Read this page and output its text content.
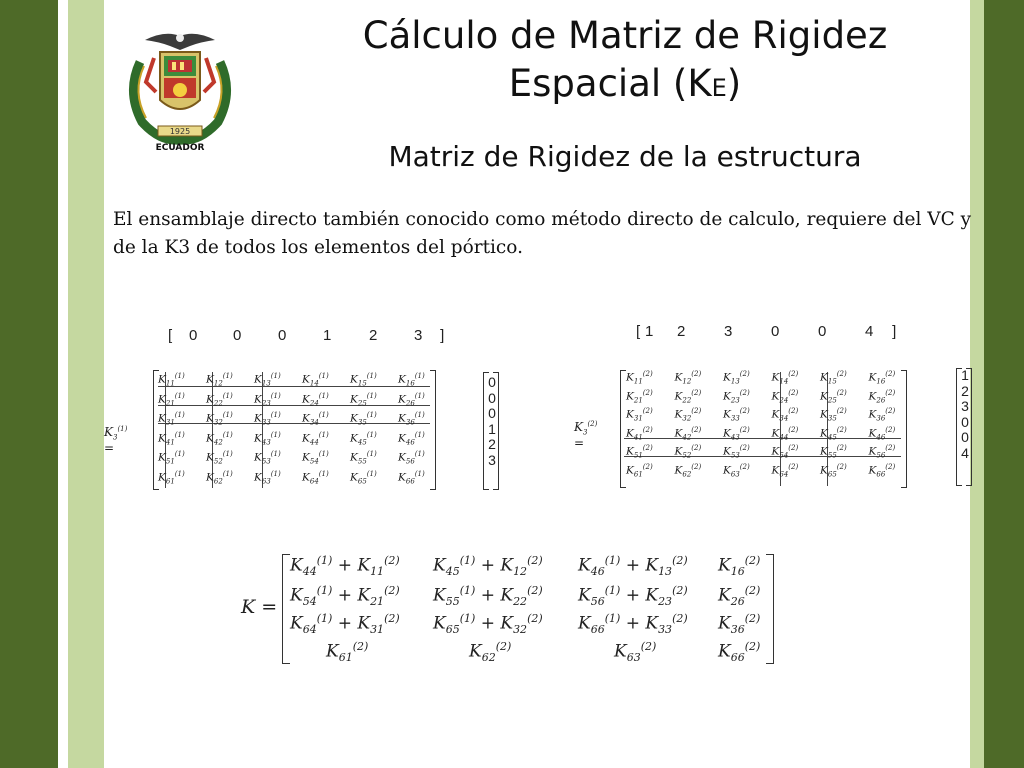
1925
ECUADOR
Cálculo de Matriz de Rigidez
Espacial (KE)
Matriz de Rigidez de la estructura
El ensamblaje directo también conocido como método directo de calculo, requiere del VC y de la K3 de todos los elementos del pórtico.
[ 0 0 0 1	2 3 ]
$K_3^{(1)}$ =
$K_{11}^{(1)}$ $K_{12}^{(1)}$ $K_{13}^{(1)}$ $K_{14}^{(1)}$ $K_{15}^{(1)}$ $K_{16}^{(1)}$
$K_{21}^{(1)}$ $K_{22}^{(1)}$ $K_{23}^{(1)}$ $K_{24}^{(1)}$ $K_{25}^{(1)}$ $K_{26}^{(1)}$
$K_{31}^{(1)}$ $K_{32}^{(1)}$ $K_{33}^{(1)}$ $K_{34}^{(1)}$ $K_{35}^{(1)}$ $K_{36}^{(1)}$
$K_{41}^{(1)}$ $K_{42}^{(1)}$ $K_{43}^{(1)}$ $K_{44}^{(1)}$ $K_{45}^{(1)}$ $K_{46}^{(1)}$
$K_{51}^{(1)}$ $K_{52}^{(1)}$ $K_{53}^{(1)}$ $K_{54}^{(1)}$ $K_{55}^{(1)}$ $K_{56}^{(1)}$
$K_{61}^{(1)}$ $K_{62}^{(1)}$ $K_{63}^{(1)}$ $K_{64}^{(1)}$ $K_{65}^{(1)}$ $K_{66}^{(1)}$
0
0
0
1
2
3
[ 1 2	3	0	0	4 ]
$K_3^{(2)}$ =
$K_{11}^{(2)}$ $K_{12}^{(2)}$ $K_{13}^{(2)}$ $K_{14}^{(2)}$ $K_{15}^{(2)}$ $K_{16}^{(2)}$
$K_{21}^{(2)}$ $K_{22}^{(2)}$ $K_{23}^{(2)}$ $K_{24}^{(2)}$ $K_{25}^{(2)}$ $K_{26}^{(2)}$
$K_{31}^{(2)}$ $K_{32}^{(2)}$ $K_{33}^{(2)}$ $K_{34}^{(2)}$ $K_{35}^{(2)}$ $K_{36}^{(2)}$
$K_{41}^{(2)}$ $K_{42}^{(2)}$ $K_{43}^{(2)}$ $K_{44}^{(2)}$ $K_{45}^{(2)}$ $K_{46}^{(2)}$
$K_{51}^{(2)}$ $K_{52}^{(2)}$ $K_{53}^{(2)}$ $K_{54}^{(2)}$ $K_{55}^{(2)}$ $K_{56}^{(2)}$
$K_{61}^{(2)}$ $K_{62}^{(2)}$ $K_{63}^{(2)}$ $K_{64}^{(2)}$ $K_{65}^{(2)}$ $K_{66}^{(2)}$
1
2
3
0
0
4
K =
$K_{44}^{(1)} + K_{11}^{(2)}$ $K_{45}^{(1)} + K_{12}^{(2)}$ $K_{46}^{(1)} + K_{13}^{(2)}$ $K_{16}^{(2)}$
$K_{54}^{(1)} + K_{21}^{(2)}$ $K_{55}^{(1)} + K_{22}^{(2)}$ $K_{56}^{(1)} + K_{23}^{(2)}$ $K_{26}^{(2)}$
$K_{64}^{(1)} + K_{31}^{(2)}$ $K_{65}^{(1)} + K_{32}^{(2)}$ $K_{66}^{(1)} + K_{33}^{(2)}$ $K_{36}^{(2)}$
$K_{61}^{(2)}$	$K_{62}^{(2)}$	$K_{63}^{(2)}$	$K_{66}^{(2)}$
